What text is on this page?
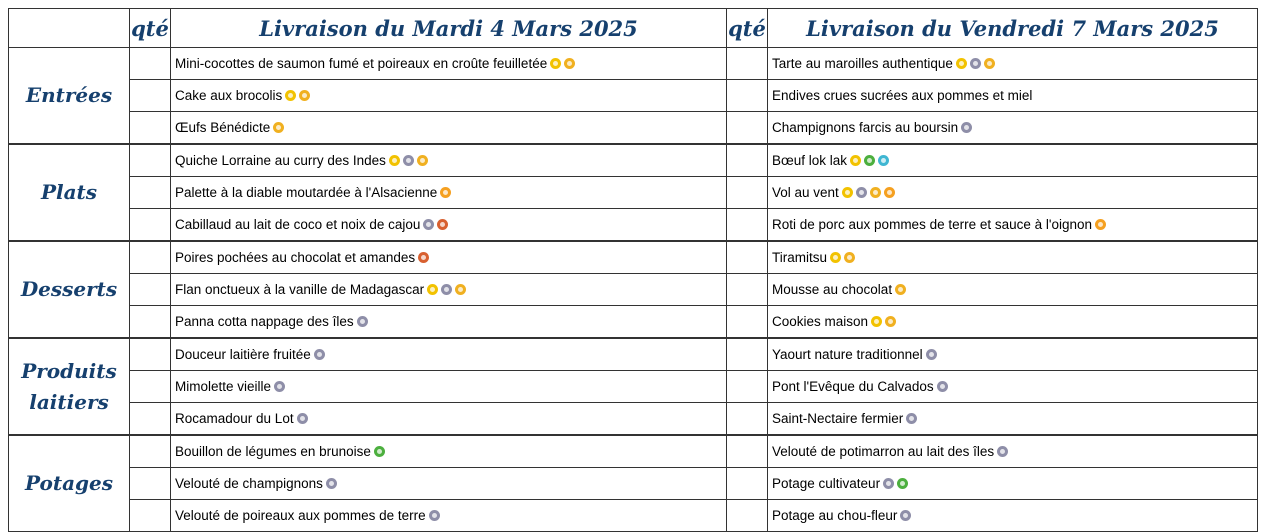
	qté	Livraison du Mardi 4 Mars 2025	qté	Livraison du Vendredi 7 Mars 2025
Entrées		Mini-cocottes de saumon fumé et poireaux en croûte feuilletée		Tarte au maroilles authentique
		Cake aux brocolis		Endives crues sucrées aux pommes et miel
		Œufs Bénédicte		Champignons farcis au boursin
Plats		Quiche Lorraine au curry des Indes		Bœuf lok lak
		Palette à la diable moutardée à l'Alsacienne		Vol au vent
		Cabillaud au lait de coco et noix de cajou		Roti de porc aux pommes de terre et sauce à l'oignon
Desserts		Poires pochées au chocolat et amandes		Tiramitsu
		Flan onctueux à la vanille de Madagascar		Mousse au chocolat
		Panna cotta nappage des îles		Cookies maison
Produits laitiers		Douceur laitière fruitée		Yaourt nature traditionnel
		Mimolette vieille		Pont l'Evêque du Calvados
		Rocamadour du Lot		Saint-Nectaire fermier
Potages		Bouillon de légumes en brunoise		Velouté de potimarron au lait des îles
		Velouté de champignons		Potage cultivateur
		Velouté de poireaux aux pommes de terre		Potage au chou-fleur
